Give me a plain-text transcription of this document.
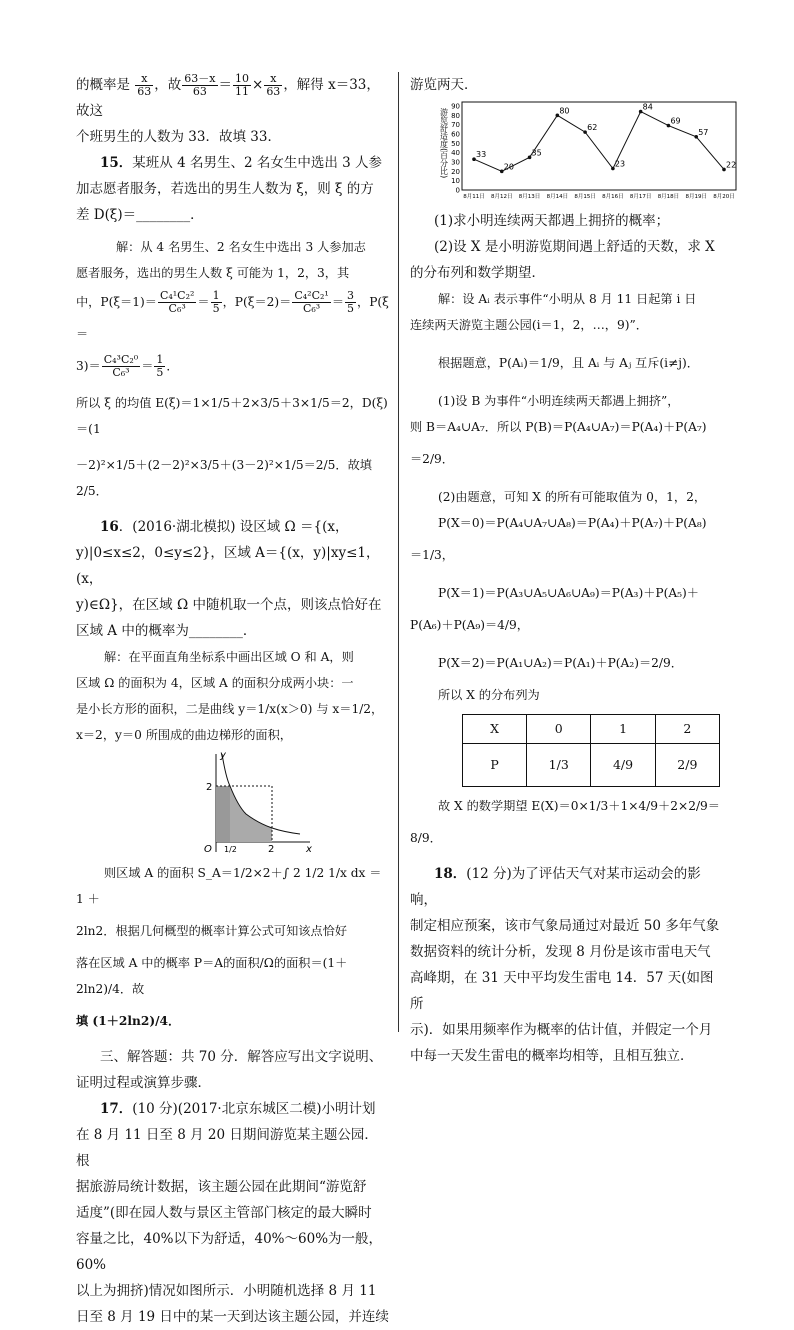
的概率是 $\frac{x}{63}$ ，故 $\frac{63-x}{63} = \frac{10}{11} \times \frac{x}{63}$ ，解得 x＝33，故这

个班男生的人数为 33．故填 33．

15．某班从 4 名男生、2 名女生中选出 3 人参

加志愿者服务，若选出的男生人数为 ξ，则 ξ 的方

差 D(ξ)＝________．

解：从 4 名男生、2 名女生中选出 3 人参加志

愿者服务，选出的男生人数 ξ 可能为 1，2，3，其

中，$P(\xi=1)= \frac{\text{C₄¹C₂²}}{\text{C₆³}} = \frac{1}{5}$ ，$P(\xi=2)= \frac{\text{C₄²C₂¹}}{\text{C₆³}} = \frac{3}{5}$ ，P(ξ＝

$3)= \frac{\text{C₄³C₂⁰}}{\text{C₆³}} = \frac{1}{5}$ ．

所以 ξ 的均值 E(ξ)＝1×1/5＋2×3/5＋3×1/5＝2，D(ξ)＝(1

－2)²×1/5＋(2－2)²×3/5＋(3－2)²×1/5＝2/5．故填 2/5．

16．(2016·湖北模拟) 设区域 Ω ＝{(x，

y)|0≤x≤2，0≤y≤2}，区域 A＝{(x，y)|xy≤1，(x，

y)∈Ω}，在区域 Ω 中随机取一个点，则该点恰好在

区域 A 中的概率为________．

解：在平面直角坐标系中画出区域 O 和 A，则

区域 Ω 的面积为 4，区域 A 的面积分成两小块：一

是小长方形的面积，二是曲线 y＝1/x(x＞0) 与 x＝1/2，

x＝2，y＝0 所围成的曲边梯形的面积，

y
x
O
2
1/2	2

则区域 A 的面积 S_A＝1/2×2＋∫ 2 1/2 1/x dx ＝ 1 ＋

2ln2．根据几何概型的概率计算公式可知该点恰好

落在区域 A 中的概率 P＝A的面积/Ω的面积＝(1＋2ln2)/4．故

填 (1＋2ln2)/4．

三、解答题：共 70 分．解答应写出文字说明、

证明过程或演算步骤．

17．(10 分)(2017·北京东城区二模)小明计划

在 8 月 11 日至 8 月 20 日期间游览某主题公园．根

据旅游局统计数据，该主题公园在此期间“游览舒

适度”(即在园人数与景区主管部门核定的最大瞬时

容量之比，40%以下为舒适，40%～60%为一般，60%

以上为拥挤)情况如图所示．小明随机选择 8 月 11

日至 8 月 19 日中的某一天到达该主题公园，并连续

游览两天．

游览舒适度(百分比)
0
10
20
30
40
50
60
70
80
90
8月11日 8月12日 8月13日 8月14日 8月15日 8月16日 8月17日 8月18日 8月19日 8月20日
33
20
35
80
62
23
84
69
57
22

(1)求小明连续两天都遇上拥挤的概率；

(2)设 X 是小明游览期间遇上舒适的天数，求 X

的分布列和数学期望．

解：设 Aᵢ 表示事件“小明从 8 月 11 日起第 i 日

连续两天游览主题公园(i＝1，2，…，9)”．

根据题意，P(Aᵢ)＝1/9，且 Aᵢ 与 Aⱼ 互斥(i≠j)．

(1)设 B 为事件“小明连续两天都遇上拥挤”，

则 B＝A₄∪A₇．所以 P(B)＝P(A₄∪A₇)＝P(A₄)＋P(A₇)

＝2/9．

(2)由题意，可知 X 的所有可能取值为 0，1，2，

P(X＝0)＝P(A₄∪A₇∪A₈)＝P(A₄)＋P(A₇)＋P(A₈)

＝1/3，

P(X＝1)＝P(A₃∪A₅∪A₆∪A₉)＝P(A₃)＋P(A₅)＋

P(A₆)＋P(A₉)＝4/9，

P(X＝2)＝P(A₁∪A₂)＝P(A₁)＋P(A₂)＝2/9．

所以 X 的分布列为

X	0	1	2
P	1/3	4/9	2/9

故 X 的数学期望 E(X)＝0×1/3＋1×4/9＋2×2/9＝

8/9．

18．(12 分)为了评估天气对某市运动会的影响，

制定相应预案，该市气象局通过对最近 50 多年气象

数据资料的统计分析，发现 8 月份是该市雷电天气

高峰期，在 31 天中平均发生雷电 14．57 天(如图所

示)．如果用频率作为概率的估计值，并假定一个月

中每一天发生雷电的概率均相等，且相互独立．
